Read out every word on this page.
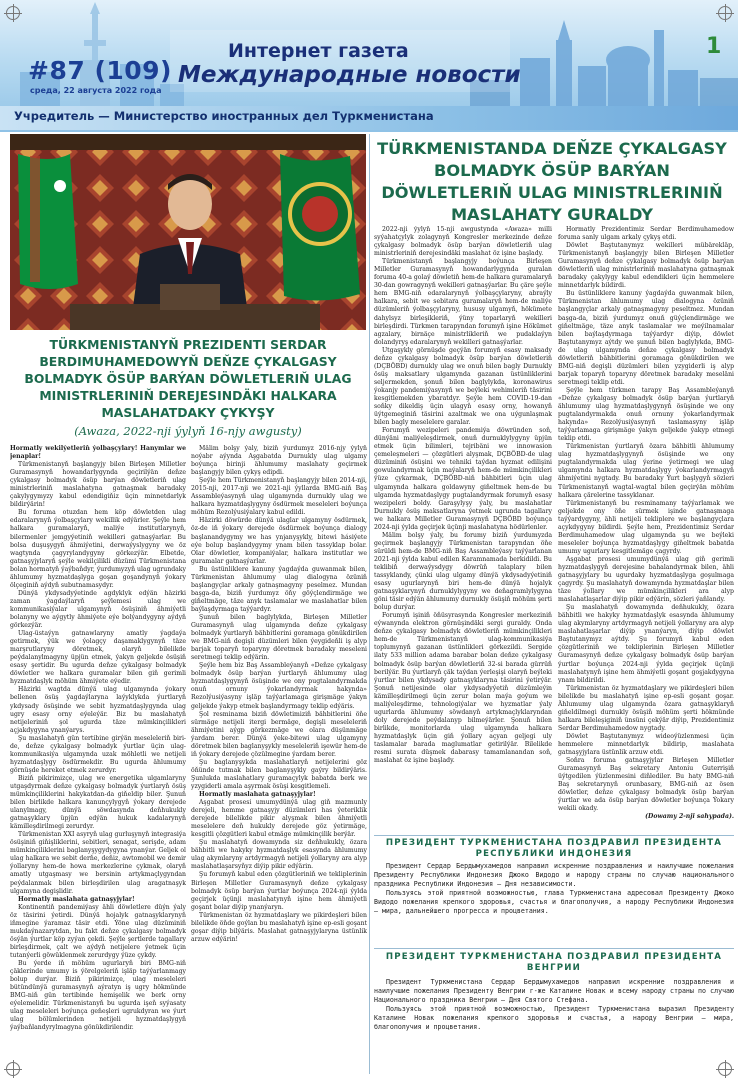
#87 (109)
среда, 22 августа 2022 года
Интернет газета
Международные новости
Учредитель — Министерство иностранных дел Туркменистана
1
TÜRKMENISTANYŇ PREZIDENTI SERDAR BERDIMUHAMEDOWYŇ DEŇZE ÇYKALGASY BOLMADYK ÖSÜP BARÝAN DÖWLETLERIŇ ULAG MINISTRLERINIŇ DEREJESINDÄKI HALKARA MASLAHATDAKY ÇYKYŞY
(Awaza, 2022-nji ýylyň 16-njy awgusty)
TÜRKMENISTANDA DEŇZE ÇYKALGASY BOLMADYK ÖSÜP BARÝAN DÖWLETLERIŇ ULAG MINISTRLERINIŇ MASLAHATY GURALDY

Hormatly wekilýetleriň ýolbaşçylary! Hanymlar we jenaplar!

Türkmenistanyň başlangyjy bilen Birleşen Milletler Guramasynyň howandarlygynda geçirilýän deňze çykalgasy bolmadyk ösüp barýan döwletleriň ulag ministrleriniň maslahatyna gatnaşmak baradaky çakylygymyzy kabul edendigiňiz üçin minnetdarlyk bildirýärin!

Bu foruma otuzdan hem köp döwletden ulag edaralarynyň ýolbaşçylary wekillik edýärler. Şeýle hem halkara guramalaryň, maliýe institutlarynyň, bilermenler jemgyýetiniň wekilleri gatnaşýarlar. Bu bolsa duşuşygyň ähmiýetini, derwaýyslygyny we öz wagtynda çagyrylandygyny görkezýär. Elbetde, gatnaşyjylaryň şeýle wekilçilikli düzümi Türkmenistana bolan hormatyň ýaýbaňdyr, ýurdumyzyň ulag ugrundaky ählumumy hyzmatdaşlyga goşan goşandynyň ýokary ölçeginiň aýdyň subutnamasydyr.

Dünýä ykdysadyýetinde agdyklyk edýän häzirki zaman ýagdaýlaryň şeýlemesi ulag we kommunikasiýalar ulgamynyň ösüşiniň ähmiýetli bolanyny we aýgytly ähmiýete eýe bolýandygyny aýdyň görkezýär.

Ulag-üstaýyn gatnawlaryny amatly ýagdaýa getirmek, ýük we ýolagçy daşamaklygynyň täze marşrutlaryny döretmek, olaryň bilelikde peýdalanylmagyny üpjün etmek, ýakyn geljekde ösüşiň esasy şertidir. Bu ugurda deňze çykalgasy bolmadyk döwletler we halkara guramalar bilen giň gerimli hyzmatdaşlyk möhüm ähmiýete eýedir.

Häzirki wagtda dünýä ulag ulgamynda ýokary bellenen ösüş ýagdaýlaryna laýyklykda ýurtlaryň ykdysady ösüşinde we sebit hyzmatdaşlygynda ulag ugry esasy orny eýeleýär. Biz bu maslahatyň netijeleriniň şol ugurda täze mümkinçilikleri açjakdygyna ynanýarys.

Şu maslahatyň gün tertibine girýän meseleleriň biri-de, deňze çykalgasy bolmadyk ýurtlar üçin ulag-kommunikasiýa ulgamynda uzak möhletli we netijeli hyzmatdaşlygy ösdürmekdir. Bu ugurda ählumumy görnüşde hereket etmek zerurdyr.

Biziň pikirimizçe, ulag we energetika ulgamlaryny utgaşdyrmak deňze çykalgasy bolmadyk ýurtlaryň ösüş mümkinçiliklerini hakykatdan-da giňeldip biler. Şunuň bilen birlikde halkara kanunçylygyň ýokary derejede ulanylmagy, dünýä söwdasynda deňhukukly gatnaşyklary üpjün edýän hukuk kadalarynyň kämilleşdirilmegi zerurdyr.

Türkmenistan XXI asyryň ulag gurluşynyň integrasiýa ösüşiniň giňişliklerini, sebitleri, senagat, serişde, adam mümkinçiliklerini baglanyşygydygyna ynanýar. Geljek ol ulag halkara we sebit derňe, deňiz, awtomobil we demir ýollaryny hem-de howa merkezlerine çykmak, olaryň amatly utgaşmasy we bersinin artykmaçlygyndan peýdalanmak bilen birleşdirilen ulag aragatnaşyk ulgamyna degişlidir.

Hormatly maslahata gatnaşyjylar!

Kontinentiň pandemiýasy ähli döwletlere düýn ýaly öz täsirini ýetirdi. Dünýä hojalyk gatnaşyklarynyň iňmegine ýaramaz täsir etdi. Ýöne ulag düzüminiň mukdaýnazarytdan, bu fakt deňze çykalgasy bolmadyk ösýän ýurtlar köp zyýan çekdi. Şeýle şertlerde tagallary birleşdirmek, çalt we aýdyň netijelere ýetmek üçin tutanýerli göwüklenmek zerurdygy ýüze çykdy.

Bu ýerde iň möhüm ugurlaryň biri BMG-niň çäklerinde umumy is ýörelgeleriň işläp taýýarlanmagy bolup durýar. Biziň pikirimizçe, ulag meseleleri bütündünýä guramasynyň aýratyn iş ugry hökmünde BMG-niň gün tertibinde hemişelik we berk orny eýelemelidir. Türkmenistanyň bu ugurda işeň syýasaty ulag meseleleri boýunça geňeşleri ugrukdyran we ýurt ulag bölümlerinden netijeli hyzmatdaşlygyň ýaýbaňlandyrylmagyna gönükdirilendir.

Mälim bolşy ýaly, biziň ýurdumyz 2016-njy ýylyň noýabr aýynda Aşgabatda Durnukly ulag ulgamy boýunça birinji ählumumy maslahaty geçirmek başlangyjy bilen çykyş edipdi.

Şeýle hem Türkmenistanyň başlangyjy bilen 2014-nji, 2015-nji, 2017-nji we 2021-nji ýyllarda BMG-niň Baş Assambleýasynyň ulag ulgamynda durnukly ulag we halkara hyzmatdaşlygyny ösdürmek meseleleri boýunça möhüm Rezolýusiýalary kabul edildi.

Häzirki döwürde dünýä ulaglar ulgamyny ösdürmek, öz-de iň ýokary derejede ösdürmek boýunça dialogy başlanandygymy we has ynjanyşykly, bitewi hásiýete eýe bolup başlandygymy ynam bilen tassyklap bolar. Olar döwletler, kompaniýalar, halkara institutlar we guramalar gatnaşýarlar.

Bu üstünliklere kanuny ýagdaýda guwanmak bilen, Türkmenistan ählumumy ulag dialogyna özüniň başlangyçlar arkaly gatnaşmagyny peselmez. Mundan başga-da, biziň ýurdumyz öňy göýçlendirmäge we giňeltmäge, täze anyk taslamalar we maslahatlar bilen baýlaşdyrmaga taýýardyr.

Şunuň bilen baglylykda, Birleşen Milletler Guramasynyň ulag ulgamynda deňze çykalgasy bolmadyk ýurtlaryň bähbitlerini goramaga gönükdirilen we BMG-niň degişli düzümleri bilen ýeygideňli iş alyp barjak toparyň toparyny döretmek baradaky meseleni seretmegi teklip edýärin.

Şeýle hem biz Baş Assambleýanyň «Deňze çykalgasy bolmadyk ösüp barýan ýurtlaryň ählumumy ulag hyzmatdaşlygynyň ösüşinde we ony pugtalandyrmakda onuň ornuny ýokarlandyrmak hakynda» Rezolýusiýasyny işläp taýýarlamaga girişmäge ýakyn geljekde ýakyp etmek başlandyrmagy teklip edýäris.

Şol resminama biziň döwletimiziň bähbitlerini öňe sürmäge netijeli itergi bermäge, degişli meseleleriň ähmiýetini aýgp görkezmäge we olara düşünmäge ýardam berer. Dünýä ýeke-bitewi ulag ulgamyny döretmek bilen baglanyşykly meseleleriň işewür hem-de iň ýokary derejede çözülmegine ýardam berer.

Şu baglanyşykda maslahatlaryň netijelerini göz öňünde tutmak bilen baglanyşykly gaýry bildirýäris. Şunlukda maslahatlary guramaçylyk babatda berk we yzygiderli amala aşyrmak ösüşi kesgitlemeli.

Hormatly maslahata gatnaşyjylar!

Aşgabat prosesi umumydünýä ulag giň mazmunly derejeli, hemme gatnaşyjy düzümleri has ýeteriklik derejede bilelikde pikir alyşmak bilen ähmiýetli meselelere deň hukukly derejede göz ýetirmäge, kesgitli çözgütleri kabul etmäge mümkinçilik berýär.

Şu maslahatyň dowamynda siz deňhukukly, özara bähbitli we hakyky hyzmatdaşlyk esasynda ählumumy ulag akymlaryny artdyrmagyň netijeli ýollaryny ara alyp maslahatlaşarsyňyz diýip pikir edýärin.

Şu forumyň kabul eden çözgütleriniň we tekliplerinin Birleşen Milletler Guramasynyň deňze çykalgasy bolmadyk ösüp barýan ýurtlar boýunça 2024-nji ýylda geçirjek üçünji maslahatynyň işine hem ähmiýetli goşant bolar diýip ynanýaryn.

Türkmenistan öz hyzmatdaşlary we pikirdeşleri bilen bilelikde öňde goýlan bu maslahatyň işine ep-esli goşant goşar diýip bilýäris. Maslahat gatnaşyjylaryna üstünlik arzuw edýärin!

2022-nji ýylyň 15-nji awgustynda «Awaza» milli syýahatçylyk zolagynyň Kongresler merkezinde deňze çykalgasy bolmadyk ösüp barýan döwletleriň ulag ministrleriniň derejesindäki maslahat öz işine başlady.

Türkmenistanyň başlangyjy boýunça Birleşen Milletler Guramasynyň howandarlygynda guralan foruma 40-a golaý döwletiň hem-de halkara guramalaryň 30-dan gowragynyň wekilleri gatnaşýarlar. Bu çäre şeýle hem BMG-niň edaralarynyň ýolbaşçylaryny, abraýly halkara, sebit we sebitara guramalaryň hem-de maliýe düzümleriň ýolbaşçylaryny, hususy ulgamyň, hökümete dahylsyz birleşikleriň, ýüny toparlaryň wekilleri birleşdirdi. Türkmen tarapyndan forumyň işine Hökümet agzalary, birnäçe ministrlikleriň we pudaklaýyn dolandyryş edaralarynyň wekilleri gatnaşýarlar.

Utgaşykly görnüşde geçýän forumyň esasy maksady deňze çykalgasy bolmadyk ösüp barýan döwletleriň (DÇBÖBD) durnukly ulag we onuň bilen bagly Durnukly ösüş maksatlary ulgamynda gazanan üstünliklerini seljermekden, şonuň bilen baglylykda, koronawirus ýokanjy pandemiýasynyň we beýleki wehimleriň täsirini kesgitlemekden ybaratdyr. Şeýle hem COVID-19-dan soňky dikeldiş üçin ulagyň esasy orny, howanyň üýtgemeginiň täsirini azaltmak we ona uýgunlaşmak bilen bagly meselelere garalar.

Forumyň wezipeleri pandemiýa döwründen soň, dünýäni maliýeleşdirmek, onuň durnuklylygyny üpjün etmek üçin bilimleri, tejribäni we innowasion çemeleşmeleri — çözgütleri alyşmak, DÇBÖBD-de ulag düzüminiň ösüşini we tehniki taýdan hyzmat edilişini gowulandyrmak üçin maýalaryň hem-de mümkinçilikleri ýüze çykarmak, DÇBÖBD-niň bähbitleri üçin ulag ulgamynda halkara goldawyny giňeltmek hem-de bu ulgamda hyzmatdaşlygy pugtalandyrmak forumyň esasy wezipeleri boldy. Garaşylyşy ýaly, bu maslahatlar Durnukly ösüş maksatlaryna ýetmek ugrunda tagallary we halkara Milletler Guramasynyň DÇBÖBD boýunça 2024-nji ýylda geçirjek üçünji maslahatyna hödürlenler.

Mälim bolşy ýaly, bu forumy biziň ýurdumyzda geçirmek başlangyjy Türkmenistan tarapyndan öňe sürüldi hem-de BMG-niň Baş Assambleýasy taýýarlanan 2021-nji ýylda kabul edilen Karamnamada berkidildi. Bu teklibiň derwaýysdygy döwrüň talaplary bilen tassyklandy, çünki ulag ulgamy dünýä ykdysadyýetiniň esasy ugurlarynyň biri hem-de dünýä hojalyk gatnaşyklarynyň durnuklylygyny we deňagramlylygyna göni täsir edýän ählumumy durnukly ösüşiň möhüm şerti bolup durýar.

Forumyň işiniň öňüsyrasynda Kongresler merkeziniň eýwanynda elektron görnüşindäki sergi guraldy. Onda deňze çykalgasy bolmadyk döwletleriň mümkinçilikleri hem-de Türkmenistanyň ulag-kommunikasiýa toplumynyň gazanan üstünlikleri görkezildi. Sergide ilaty 533 million adama barabar bolan deňze çykalgasy bolmadyk ösüp barýan döwletleriň 32-si barada gürrüň berilýär. Bu ýurtlaryň çäk taýdan ýerleşişi olaryň beýleki ýurtlar bilen ykdysady gatnaşyklaryna täsirini ýetirýär. Şonuň netijesinde olar ykdysadyýetiň düzümleýin kämilleşdirilmegi üçin zerur bolan maýa goýum we maliýeleşdirme, tehnologiýalar we hyzmatlar ýaly ugurlarda ählumumy söwdanyň artykmaçlyklaryndan doly derejede peýdalanyp bilmeýärler. Şonuň bilen birlikde, monitorlarda ulag ulgamynda halkara hyzmatdaşlyk üçin giň ýollary açyan geljegi uly taslamalar barada maglumatlar getirilýär. Bilelikde resmi surata düşmek dabarasy tamamlanandan soň, maslahat öz işine başlady.

Hormatly Prezidentimiz Serdar Berdimuhamedow foruma sanly ulgam arkaly çykyş etdi.

Döwlet Baştutanymyz wekilleri mübärekläp, Türkmenistanyň başlangyjy bilen Birleşen Milletler Guramasynyň deňze çykalgasy bolmadyk ösüp barýan döwletleriň ulag ministrleriniň maslahatyna gatnaşmak baradaky çakylygy kabul edendikleri üçin hemmelere minnetdarlyk bildirdi.

Bu üstünliklere kanuny ýagdaýda guwanmak bilen, Türkmenistan ählumumy ulag dialogyna özüniň başlangyçlar arkaly gatnaşmagyny peseltmez. Mundan başga-da, biziň ýurdumyz onuň güýçlendirmäge we giňeltmäge, täze anyk taslamalar we meýilnamalar bilen baýlaşdyrmaga taýýardyr diýip, döwlet Baştutanymyz aýtdy we şunuň bilen baglylykda, BMG-de ulag ulgamynda deňze çykalgasy bolmadyk döwletleriň bähbitlerini goramaga gönükdirilen we BMG-niň degişli düzümleri bilen yzygiderli iş alyp barjak toparyň toparyny döretmek baradaky meseläni seretmegi teklip etdi.

Şeýle hem türkmen tarapy Baş Assambleýanyň «Deňze çykalgasy bolmadyk ösüp barýan ýurtlaryň ählumumy ulag hyzmatdaşlygynyň ösüşinde we ony pugtalandyrmakda onuň ornuny ýokarlandyrmak hakynda» Rezolýusiýasynyň taslamasyny işläp taýýarlamaga girişmäge ýakyn geljekde ýakyp etmegi teklip etdi.

Türkmenistan ýurtlaryň özara bähbitli ählumumy ulag hyzmatdaşlygynyň ösüşinde we ony pugtalandyrmakda ulag ýerine ýetirmegi we ulag ulgamynda halkara hyzmatdaşlygy ýokarlandyrmagyň ähmiýetini nygtady. Bu baradaky Ýurt başlygyň sözleri Türkmenistanyň wagtal-wagtal bilen geçirýän möhüm halkara çärelerine tassyklanar.

Türkmenistanyň bu resminamany taýýarlamak we geljekde ony öňe sürmek işinde gatnaşmaga taýýardygyny, ähli netijeli tekliplere we başlangyçlara açykdygyny bildirdi. Şeýle hem, Prezidentimiz Serdar Berdimuhamedow ulag ulgamynda şu we beýleki meseleler boýunça hyzmatdaşlygy giňeltmek babatda umumy ugurlary kesgitlemäge çagyrdy.

Aşgabat prosesi umumydünýä ulag giň gerimli hyzmatdaşlygyň derejesine bahalandyrmak bilen, ähli gatnaşyjylary bu ugurdaky hyzmatdaşlyga goşulmaga çagyrdy. Şu maslahatyň dowamynda hyzmatdaşlar bilen täze ýollary we mümkinçilikleri ara alyp maslahatlaşarlar diýip pikir edýärin, sözleri ýaňlandy.

Şu maslahatyň dowamynda deňhukukly, özara bähbitli we hakyky hyzmatdaşlyk esasynda ählumumy ulag akymlaryny artdyrmagyň netijeli ýollaryny ara alyp maslahatlaşarlar diýip ynanýaryn, diýip döwlet Baştutanymyz aýtdy. Şu forumyň kabul eden çözgütleriniň we tekliplerinin Birleşen Milletler Guramasynyň deňze çykalgasy bolmadyk ösüp barýan ýurtlar boýunça 2024-nji ýylda geçirjek üçünji maslahatynyň işine hem ähmiýetli goşant goşjakdygyna ynam bildirildi.

Türkmenistan öz hyzmatdaşlary we pikirdeşleri bilen bilelikde bu maslahatyň işine ep-esli goşant goşar. Ählumumy ulag ulgamynda özara gatnaşyklaryň giňeldilmegi durnukly ösüşiň möhüm şerti hökmünde halkara bileleşiginiň ünsüni çekýär diýip, Prezidentimiz Serdar Berdimuhamedow nygtady.

Döwlet Baştutanymyz wideoýüzlenmesi üçin hemmelere minnetdarlyk bildirip, maslahata gatnaşyjylara üstünlik arzuw etdi.

Soňra foruma gatnaşyjylar Birleşen Milletler Guramasynyň Baş sekretary Antoniu Guterrişiň üýtgedilen ýüzlenmesini diňlediler. Bu haty BMG-niň Baş sekretarynyň orunbasary, BMG-niň az ösen döwletler, deňze çykalgasy bolmadyk ösüp barýan ýurtlar we ada ösüp barýan döwletler boýunça Ýokary wekili okady.

(Dowamy 2-nji sahypada).

ПРЕЗИДЕНТ ТУРКМЕНИСТАНА ПОЗДРАВИЛ ПРЕЗИДЕНТА РЕСПУБЛИКИ ИНДОНЕЗИЯ

Президент Сердар Бердымухамедов направил искренние поздравления и наилучшие пожелания Президенту Республики Индонезия Джоко Видодо и народу страны по случаю национального праздника Республики Индонезия – Дня независимости.

Пользуясь этой приятной возможностью, глава Туркменистана адресовал Президенту Джоко Видодо пожелания крепкого здоровья, счастья и благополучия, а народу Республики Индонезия – мира, дальнейшего прогресса и процветания.

ПРЕЗИДЕНТ ТУРКМЕНИСТАНА ПОЗДРАВИЛ ПРЕЗИДЕНТА ВЕНГРИИ

Президент Туркменистана Сердар Бердымухамедов направил искренние поздравления и наилучшие пожелания Президенту Венгрии г-же Каталине Новак и всему народу страны по случаю Национального праздника Венгрии – Дня Святого Стефана.

Пользуясь этой приятной возможностью, Президент Туркменистана выразил Президенту Каталине Новак пожелания крепкого здоровья и счастья, а народу Венгрии – мира, благополучия и процветания.
